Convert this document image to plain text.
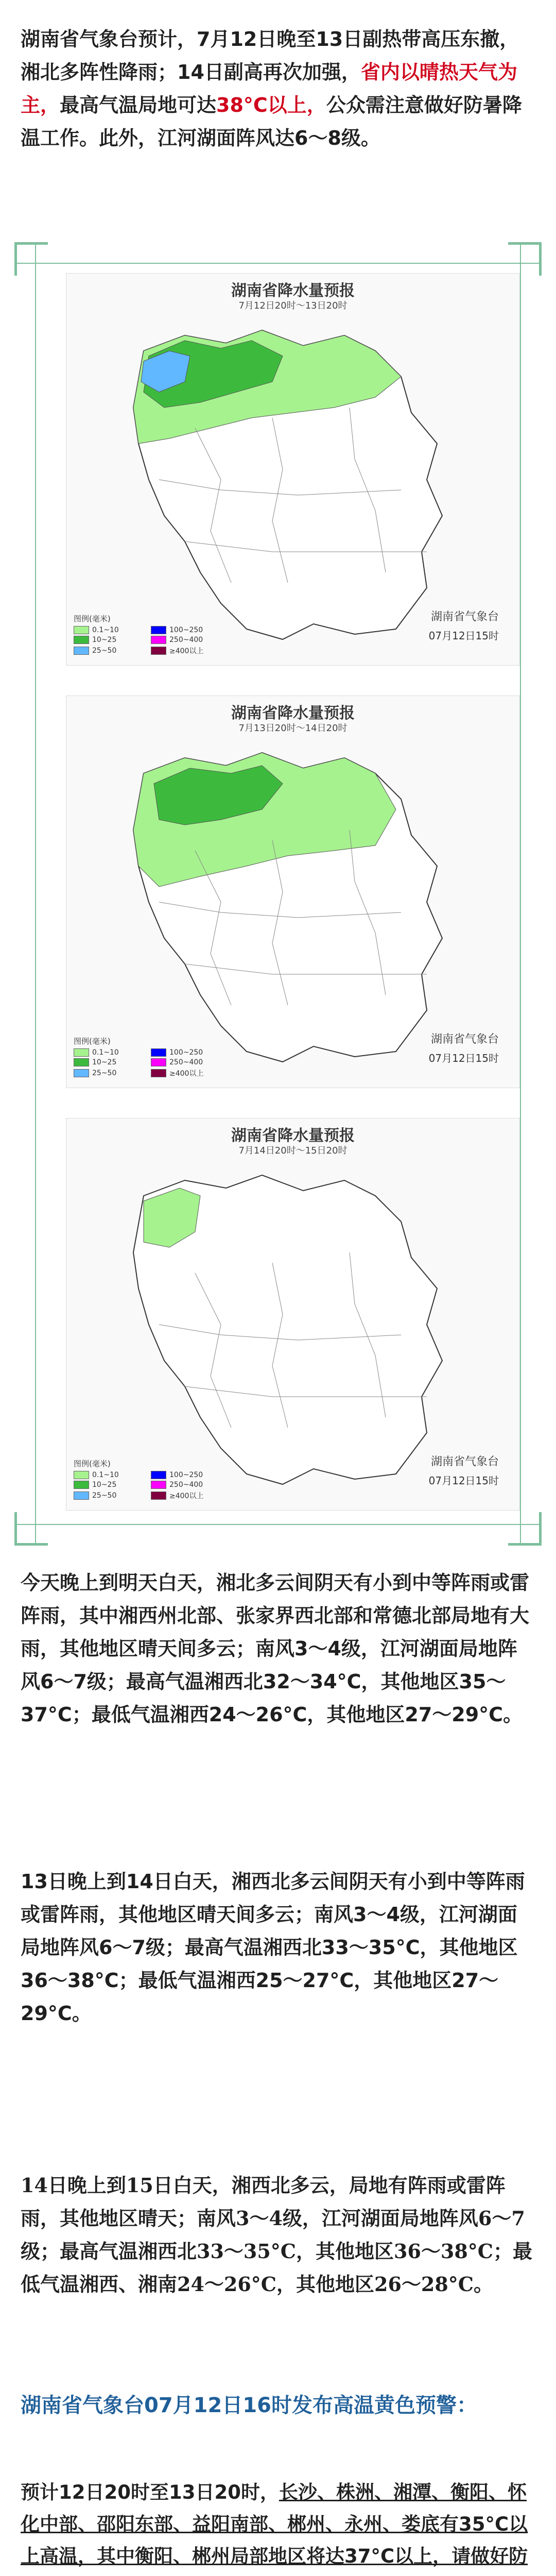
湖南省气象台预计，7月12日晚至13日副热带高压东撤，湘北多阵性降雨；14日副高再次加强，省内以晴热天气为主，最高气温局地可达38°C以上，公众需注意做好防暑降温工作。此外，江河湖面阵风达6～8级。

湖南省降水量预报
7月12日20时～13日20时
图例(毫米)
0.1~10	100~250
10~25	250~400
25~50	≥400以上
湖南省气象台
07月12日15时
湖南省降水量预报
7月13日20时～14日20时
图例(毫米)
0.1~10	100~250
10~25	250~400
25~50	≥400以上
湖南省气象台
07月12日15时
湖南省降水量预报
7月14日20时～15日20时
图例(毫米)
0.1~10	100~250
10~25	250~400
25~50	≥400以上
湖南省气象台
07月12日15时

今天晚上到明天白天，湘北多云间阴天有小到中等阵雨或雷阵雨，其中湘西州北部、张家界西北部和常德北部局地有大雨，其他地区晴天间多云；南风3～4级，江河湖面局地阵风6～7级；最高气温湘西北32～34°C，其他地区35～37°C；最低气温湘西24～26°C，其他地区27～29°C。

13日晚上到14日白天，湘西北多云间阴天有小到中等阵雨或雷阵雨，其他地区晴天间多云；南风3～4级，江河湖面局地阵风6～7级；最高气温湘西北33～35°C，其他地区36～38°C；最低气温湘西25～27°C，其他地区27～29°C。

14日晚上到15日白天，湘西北多云，局地有阵雨或雷阵雨，其他地区晴天；南风3～4级，江河湖面局地阵风6～7级；最高气温湘西北33～35°C，其他地区36～38°C；最低气温湘西、湘南24～26°C，其他地区26～28°C。

湖南省气象台07月12日16时发布高温黄色预警：

预计12日20时至13日20时，长沙、株洲、湘潭、衡阳、怀化中部、邵阳东部、益阳南部、郴州、永州、娄底有35°C以上高温，其中衡阳、郴州局部地区将达37°C以上，请做好防
